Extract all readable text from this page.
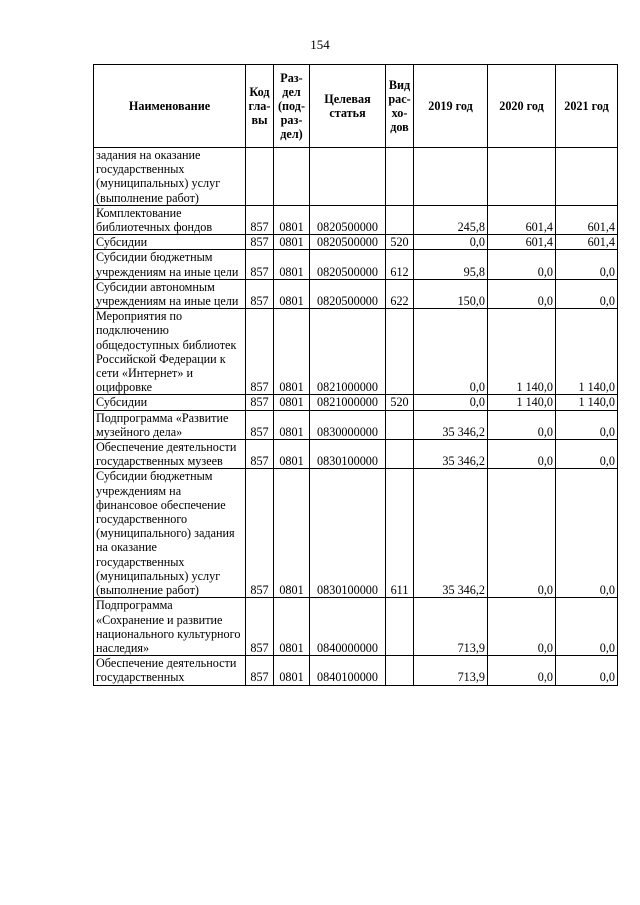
154
Наименование	Код гла- вы	Раз- дел (под- раз- дел)	Целевая статья	Вид рас- хо- дов	2019 год	2020 год	2021 год
задания на оказание государственных (муниципальных) услуг (выполнение работ)							
Комплектование библиотечных фондов	857	0801	0820500000		245,8	601,4	601,4
Субсидии	857	0801	0820500000	520	0,0	601,4	601,4
Субсидии бюджетным учреждениям на иные цели	857	0801	0820500000	612	95,8	0,0	0,0
Субсидии автономным учреждениям на иные цели	857	0801	0820500000	622	150,0	0,0	0,0
Мероприятия по подключению общедоступных библиотек Российской Федерации к сети «Интернет» и оцифровке	857	0801	0821000000		0,0	1 140,0	1 140,0
Субсидии	857	0801	0821000000	520	0,0	1 140,0	1 140,0
Подпрограмма «Развитие музейного дела»	857	0801	0830000000		35 346,2	0,0	0,0
Обеспечение деятельности государственных музеев	857	0801	0830100000		35 346,2	0,0	0,0
Субсидии бюджетным учреждениям на финансовое обеспечение государственного (муниципального) задания на оказание государственных (муниципальных) услуг (выполнение работ)	857	0801	0830100000	611	35 346,2	0,0	0,0
Подпрограмма «Сохранение и развитие национального культурного наследия»	857	0801	0840000000		713,9	0,0	0,0
Обеспечение деятельности государственных	857	0801	0840100000		713,9	0,0	0,0
